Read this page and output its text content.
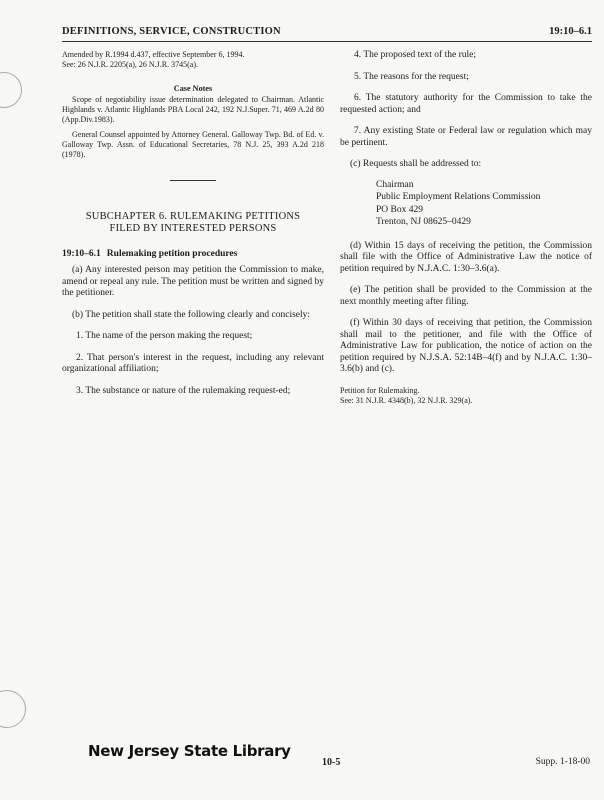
DEFINITIONS, SERVICE, CONSTRUCTION	19:10–6.1

Amended by R.1994 d.437, effective September 6, 1994.

See: 26 N.J.R. 2205(a), 26 N.J.R. 3745(a).

Case Notes

Scope of negotiability issue determination delegated to Chairman. Atlantic Highlands v. Atlantic Highlands PBA Local 242, 192 N.J.Super. 71, 469 A.2d 80 (App.Div.1983).

General Counsel appointed by Attorney General. Galloway Twp. Bd. of Ed. v. Galloway Twp. Assn. of Educational Secretaries, 78 N.J. 25, 393 A.2d 218 (1978).

SUBCHAPTER 6. RULEMAKING PETITIONS
FILED BY INTERESTED PERSONS

19:10–6.1 Rulemaking petition procedures

(a) Any interested person may petition the Commission to make, amend or repeal any rule. The petition must be written and signed by the petitioner.

(b) The petition shall state the following clearly and concisely:

1. The name of the person making the request;

2. That person's interest in the request, including any relevant organizational affiliation;

3. The substance or nature of the rulemaking request-ed;

4. The proposed text of the rule;

5. The reasons for the request;

6. The statutory authority for the Commission to take the requested action; and

7. Any existing State or Federal law or regulation which may be pertinent.

(c) Requests shall be addressed to:

Chairman
Public Employment Relations Commission
PO Box 429
Trenton, NJ 08625–0429

(d) Within 15 days of receiving the petition, the Commission shall file with the Office of Administrative Law the notice of petition required by N.J.A.C. 1:30–3.6(a).

(e) The petition shall be provided to the Commission at the next monthly meeting after filing.

(f) Within 30 days of receiving that petition, the Commission shall mail to the petitioner, and file with the Office of Administrative Law for publication, the notice of action on the petition required by N.J.S.A. 52:14B–4(f) and by N.J.A.C. 1:30–3.6(b) and (c).

Petition for Rulemaking.

See: 31 N.J.R. 4348(b), 32 N.J.R. 329(a).

New Jersey State Library
10-5	Supp. 1-18-00
